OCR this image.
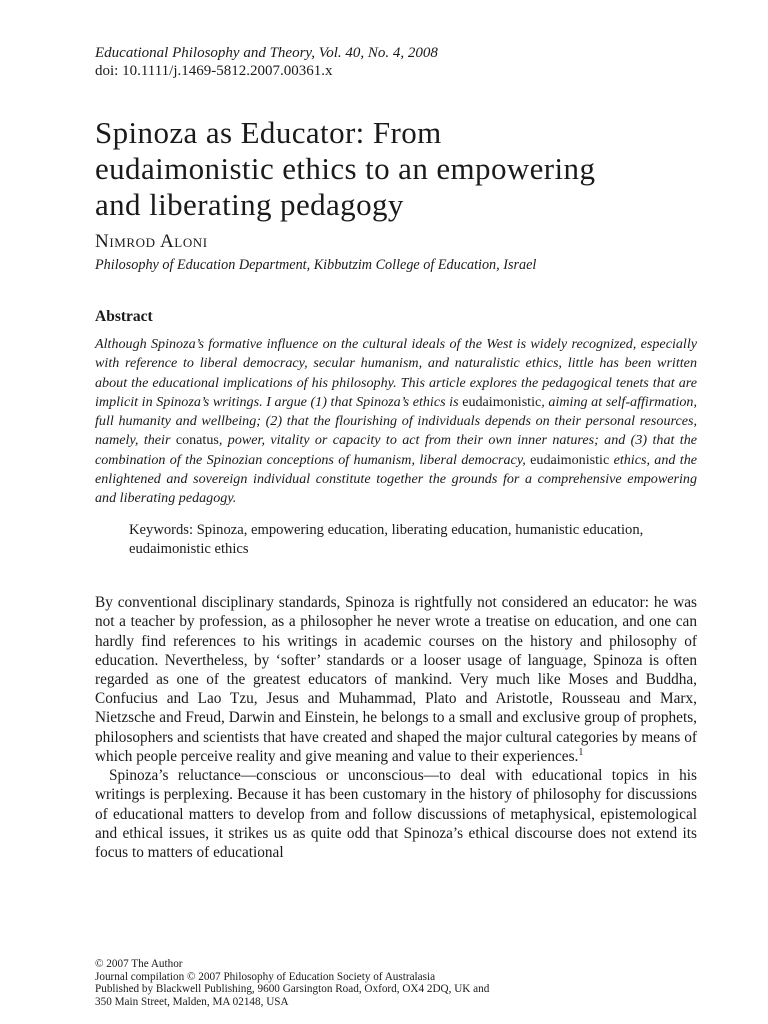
Educational Philosophy and Theory, Vol. 40, No. 4, 2008
doi: 10.1111/j.1469-5812.2007.00361.x
Spinoza as Educator: From
eudaimonistic ethics to an empowering
and liberating pedagogy
Nimrod Aloni
Philosophy of Education Department, Kibbutzim College of Education, Israel
Abstract
Although Spinoza’s formative influence on the cultural ideals of the West is widely recognized, especially with reference to liberal democracy, secular humanism, and naturalistic ethics, little has been written about the educational implications of his philosophy. This article explores the pedagogical tenets that are implicit in Spinoza’s writings. I argue (1) that Spinoza’s ethics is eudaimonistic, aiming at self-affirmation, full humanity and wellbeing; (2) that the flourishing of individuals depends on their personal resources, namely, their conatus, power, vitality or capacity to act from their own inner natures; and (3) that the combination of the Spinozian conceptions of humanism, liberal democracy, eudaimonistic ethics, and the enlightened and sovereign individual constitute together the grounds for a comprehensive empowering and liberating pedagogy.
Keywords: Spinoza, empowering education, liberating education, humanistic education, eudaimonistic ethics

By conventional disciplinary standards, Spinoza is rightfully not considered an educator: he was not a teacher by profession, as a philosopher he never wrote a treatise on education, and one can hardly find references to his writings in academic courses on the history and philosophy of education. Nevertheless, by ‘softer’ standards or a looser usage of language, Spinoza is often regarded as one of the greatest educators of mankind. Very much like Moses and Buddha, Confucius and Lao Tzu, Jesus and Muhammad, Plato and Aristotle, Rousseau and Marx, Nietzsche and Freud, Darwin and Einstein, he belongs to a small and exclusive group of prophets, philosophers and scientists that have created and shaped the major cultural categories by means of which people perceive reality and give meaning and value to their experiences.$^1$

Spinoza’s reluctance—conscious or unconscious—to deal with educational topics in his writings is perplexing. Because it has been customary in the history of philosophy for discussions of educational matters to develop from and follow discussions of metaphysical, epistemological and ethical issues, it strikes us as quite odd that Spinoza’s ethical discourse does not extend its focus to matters of educational

© 2007 The Author
Journal compilation © 2007 Philosophy of Education Society of Australasia
Published by Blackwell Publishing, 9600 Garsington Road, Oxford, OX4 2DQ, UK and
350 Main Street, Malden, MA 02148, USA
